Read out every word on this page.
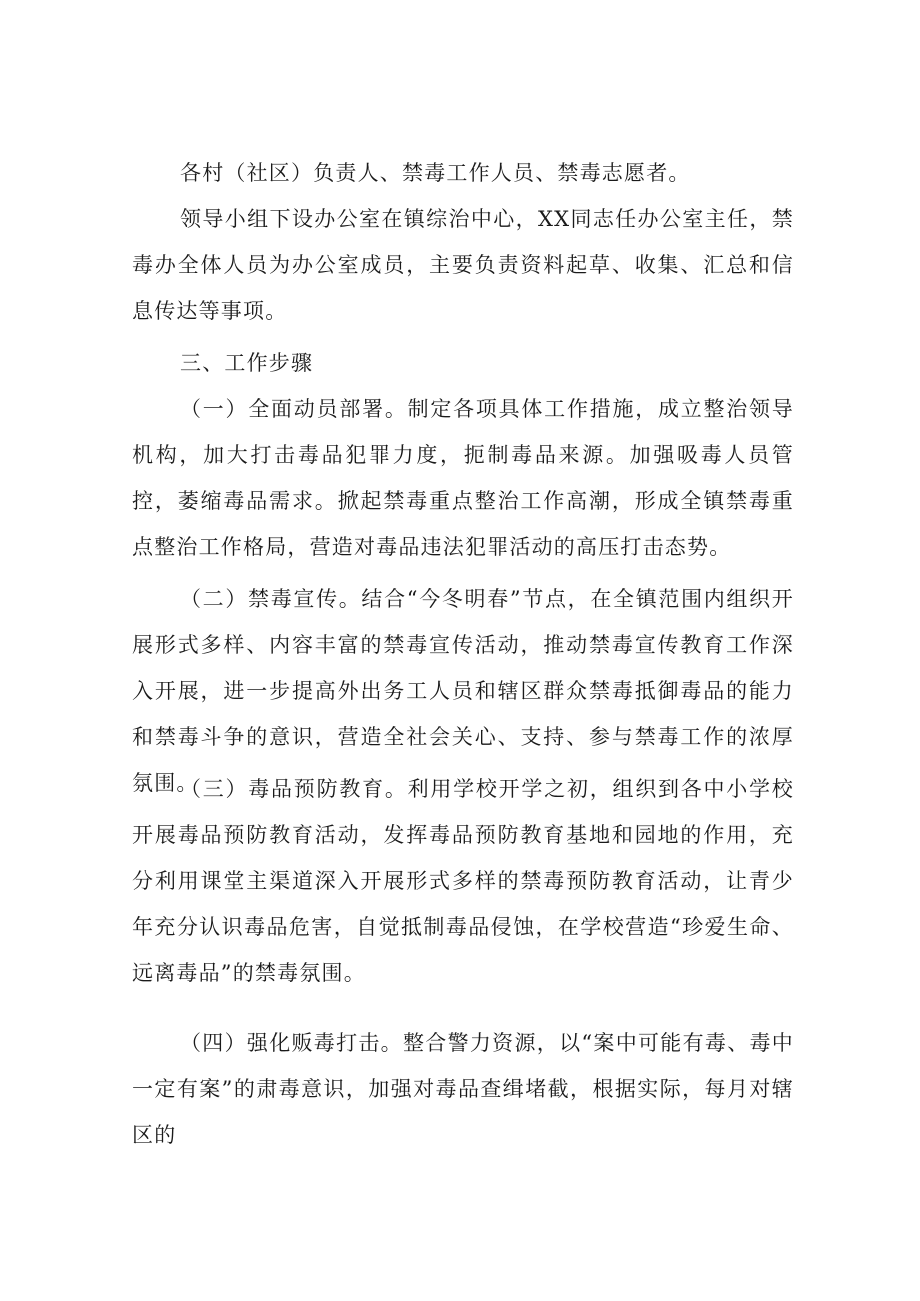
各村（社区）负责人、禁毒工作人员、禁毒志愿者。

领导小组下设办公室在镇综治中心，XX同志任办公室主任，禁毒办全体人员为办公室成员，主要负责资料起草、收集、汇总和信息传达等事项。

三、工作步骤

（一）全面动员部署。制定各项具体工作措施，成立整治领导机构，加大打击毒品犯罪力度，扼制毒品来源。加强吸毒人员管控，萎缩毒品需求。掀起禁毒重点整治工作高潮，形成全镇禁毒重点整治工作格局，营造对毒品违法犯罪活动的高压打击态势。

（二）禁毒宣传。结合“今冬明春”节点，在全镇范围内组织开展形式多样、内容丰富的禁毒宣传活动，推动禁毒宣传教育工作深入开展，进一步提高外出务工人员和辖区群众禁毒抵御毒品的能力和禁毒斗争的意识，营造全社会关心、支持、参与禁毒工作的浓厚氛围。

（三）毒品预防教育。利用学校开学之初，组织到各中小学校开展毒品预防教育活动，发挥毒品预防教育基地和园地的作用，充分利用课堂主渠道深入开展形式多样的禁毒预防教育活动，让青少年充分认识毒品危害，自觉抵制毒品侵蚀，在学校营造“珍爱生命、远离毒品”的禁毒氛围。

（四）强化贩毒打击。整合警力资源，以“案中可能有毒、毒中一定有案”的肃毒意识，加强对毒品查缉堵截，根据实际，每月对辖区的
